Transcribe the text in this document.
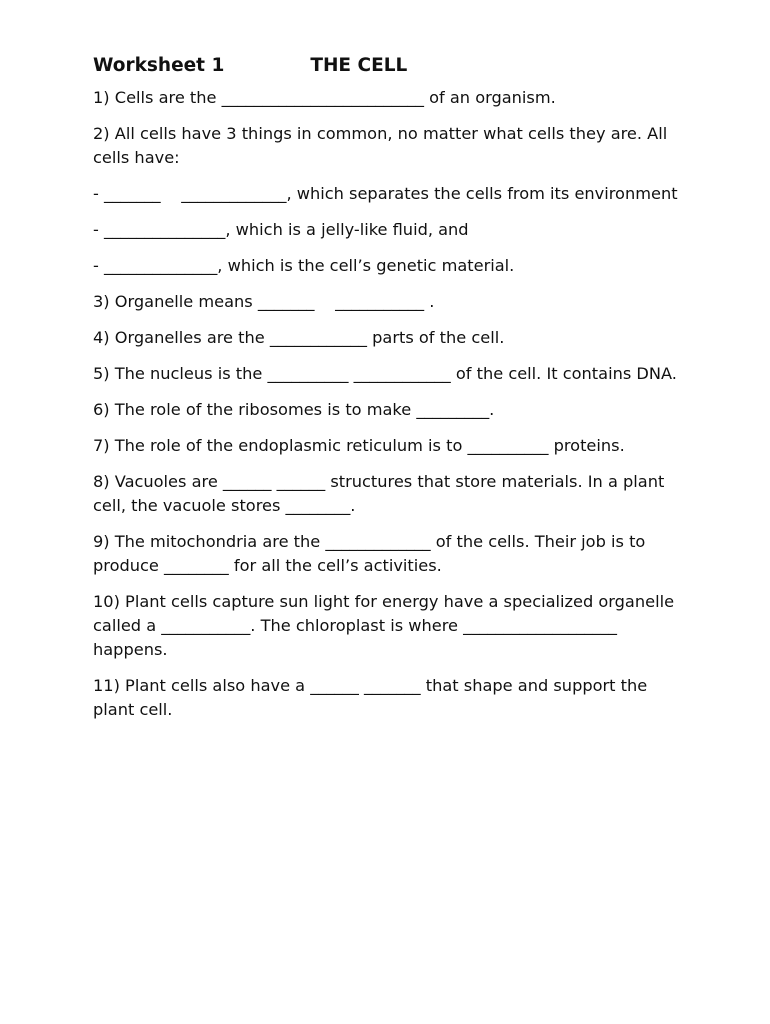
Worksheet 1	THE CELL
1) Cells are the _________________________ of an organism.
2) All cells have 3 things in common, no matter what cells they are. All cells have:
- _______    _____________, which separates the cells from its environment
- _______________, which is a jelly-like fluid, and
- ______________, which is the cell’s genetic material.
3) Organelle means _______    ___________ .
4) Organelles are the ____________ parts of the cell.
5) The nucleus is the __________ ____________ of the cell. It contains DNA.
6) The role of the ribosomes is to make _________.
7) The role of the endoplasmic reticulum is to __________ proteins.
8) Vacuoles are ______ ______ structures that store materials. In a plant cell, the vacuole stores ________.
9) The mitochondria are the _____________ of the cells. Their job is to produce ________ for all the cell’s activities.
10) Plant cells capture sun light for energy have a specialized organelle called a ___________. The chloroplast is where ___________________ happens.
11) Plant cells also have a ______ _______ that shape and support the plant cell.
